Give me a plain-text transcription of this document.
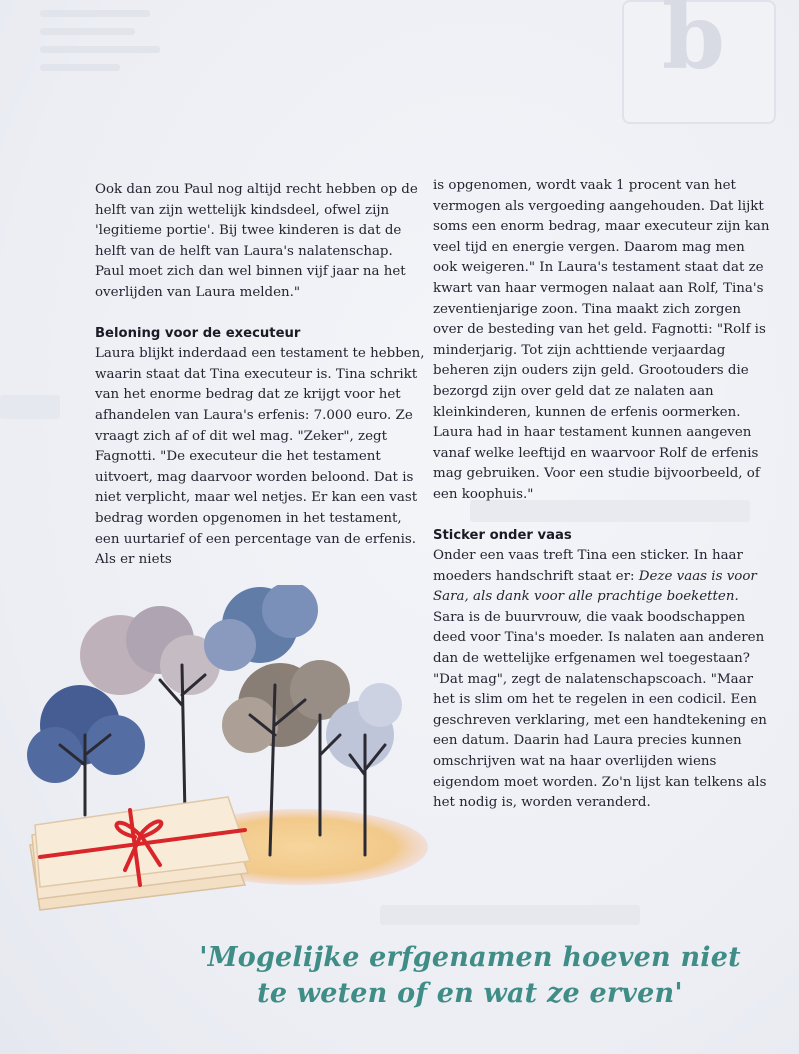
b

Ook dan zou Paul nog altijd recht hebben op de helft van zijn wettelijk kindsdeel, ofwel zijn 'legitieme portie'. Bij twee kinderen is dat de helft van de helft van Laura's nalatenschap. Paul moet zich dan wel binnen vijf jaar na het overlijden van Laura melden."

Beloning voor de executeur

Laura blijkt inderdaad een testament te hebben, waarin staat dat Tina executeur is. Tina schrikt van het enorme bedrag dat ze krijgt voor het afhandelen van Laura's erfenis: 7.000 euro. Ze vraagt zich af of dit wel mag. "Zeker", zegt Fagnotti. "De executeur die het testament uitvoert, mag daarvoor worden beloond. Dat is niet verplicht, maar wel netjes. Er kan een vast bedrag worden opgenomen in het testament, een uurtarief of een percentage van de erfenis. Als er niets

is opgenomen, wordt vaak 1 procent van het vermogen als vergoeding aangehouden. Dat lijkt soms een enorm bedrag, maar executeur zijn kan veel tijd en energie vergen. Daarom mag men ook weigeren." In Laura's testament staat dat ze kwart van haar vermogen nalaat aan Rolf, Tina's zeventienjarige zoon. Tina maakt zich zorgen over de besteding van het geld. Fagnotti: "Rolf is minderjarig. Tot zijn achttiende verjaardag beheren zijn ouders zijn geld. Grootouders die bezorgd zijn over geld dat ze nalaten aan kleinkinderen, kunnen de erfenis oormerken. Laura had in haar testament kunnen aangeven vanaf welke leeftijd en waarvoor Rolf de erfenis mag gebruiken. Voor een studie bijvoorbeeld, of een koophuis."

Sticker onder vaas

Onder een vaas treft Tina een sticker. In haar moeders handschrift staat er: Deze vaas is voor Sara, als dank voor alle prachtige boeketten. Sara is de buurvrouw, die vaak boodschappen deed voor Tina's moeder. Is nalaten aan anderen dan de wettelijke erfgenamen wel toegestaan? "Dat mag", zegt de nalatenschapscoach. "Maar het is slim om het te regelen in een codicil. Een geschreven verklaring, met een handtekening en een datum. Daarin had Laura precies kunnen omschrijven wat na haar overlijden wiens eigendom moet worden. Zo'n lijst kan telkens als het nodig is, worden veranderd.

'Mogelijke erfgenamen hoeven niet
te weten of en wat ze erven'
